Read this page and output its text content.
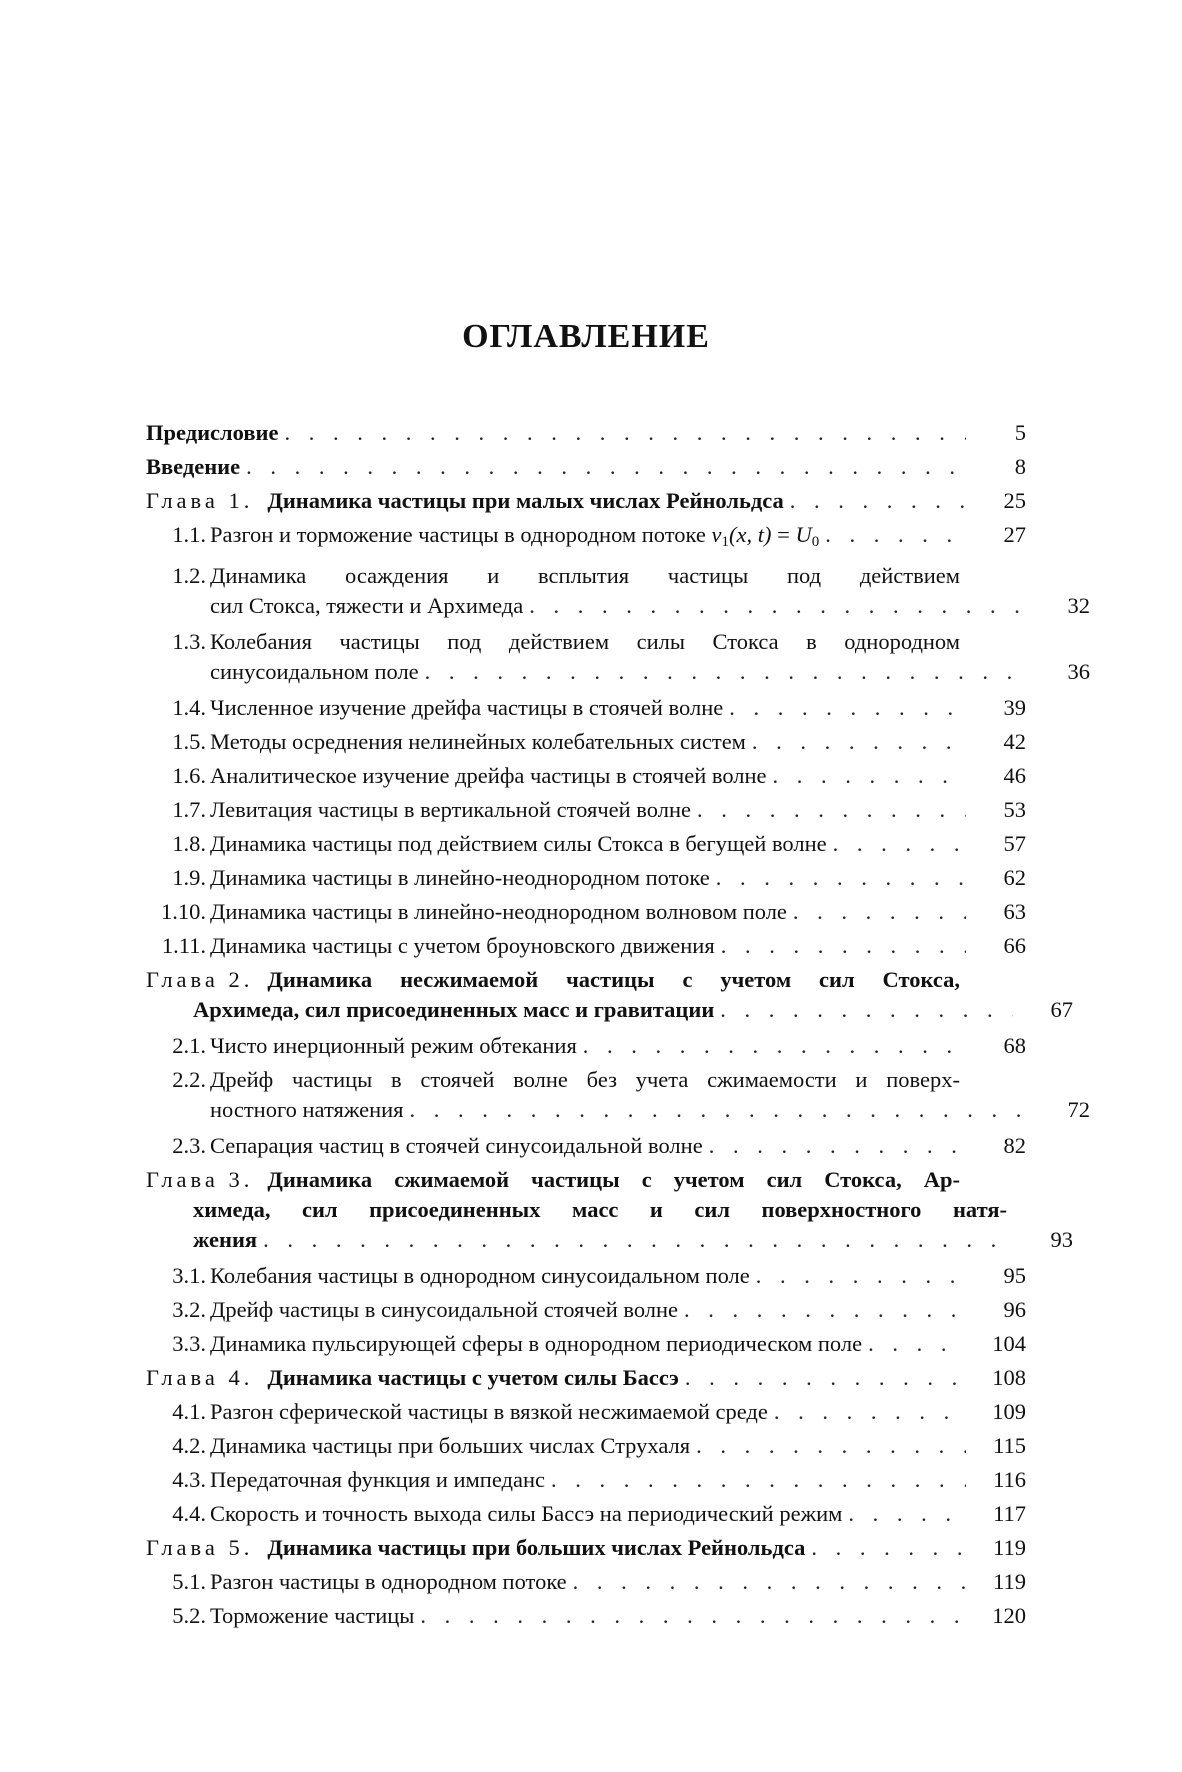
ОГЛАВЛЕНИЕ
Предисловие . . .	5
Введение . . .	8
Глава 1. Динамика частицы при малых числах Рейнольдса . . .	25
1.1. Разгон и торможение частицы в однородном потоке $v_1(x$, $t) = U_0$ . . .	27
1.2. Динамика осаждения и всплытия частицы под действием
сил Стокса, тяжести и Архимеда . . .	32
1.3. Колебания частицы под действием силы Стокса в однородном
синусоидальном поле . . .	36
1.4. Численное изучение дрейфа частицы в стоячей волне . . .	39
1.5. Методы осреднения нелинейных колебательных систем . . .	42
1.6. Аналитическое изучение дрейфа частицы в стоячей волне . . .	46
1.7. Левитация частицы в вертикальной стоячей волне . . .	53
1.8. Динамика частицы под действием силы Стокса в бегущей волне . . .	57
1.9. Динамика частицы в линейно-неоднородном потоке . . .	62
1.10. Динамика частицы в линейно-неоднородном волновом поле . . .	63
1.11. Динамика частицы с учетом броуновского движения . . .	66
Глава 2. Динамика несжимаемой частицы с учетом сил Стокса,
Архимеда, сил присоединенных масс и гравитации . . .	67
2.1. Чисто инерционный режим обтекания . . .	68
2.2. Дрейф частицы в стоячей волне без учета сжимаемости и поверх-
ностного натяжения . . .	72
2.3. Сепарация частиц в стоячей синусоидальной волне . . .	82
Глава 3. Динамика сжимаемой частицы с учетом сил Стокса, Ар-
химеда, сил присоединенных масс и сил поверхностного натя-
жения . . .	93
3.1. Колебания частицы в однородном синусоидальном поле . . .	95
3.2. Дрейф частицы в синусоидальной стоячей волне . . .	96
3.3. Динамика пульсирующей сферы в однородном периодическом поле . . .	104
Глава 4. Динамика частицы с учетом силы Бассэ . . .	108
4.1. Разгон сферической частицы в вязкой несжимаемой среде . . .	109
4.2. Динамика частицы при больших числах Струхаля . . .	115
4.3. Передаточная функция и импеданс . . .	116
4.4. Скорость и точность выхода силы Бассэ на периодический режим . . .	117
Глава 5. Динамика частицы при больших числах Рейнольдса . . .	119
5.1. Разгон частицы в однородном потоке . . .	119
5.2. Торможение частицы . . .	120
